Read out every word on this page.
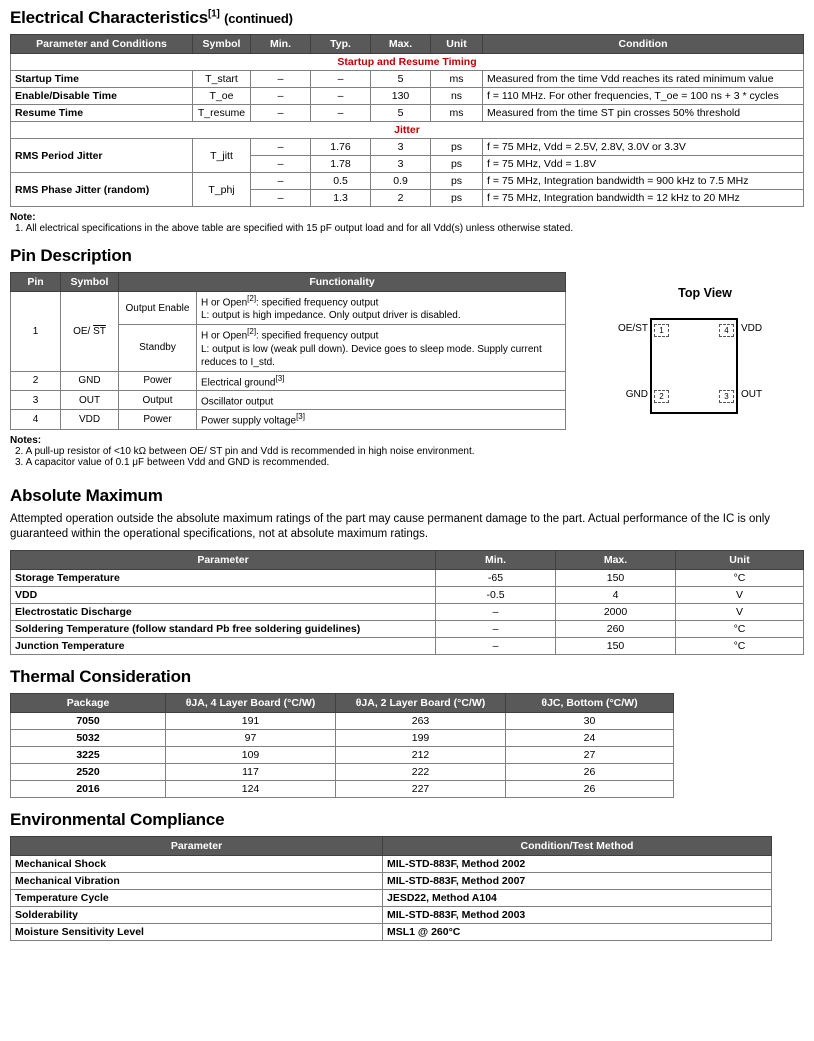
Electrical Characteristics[1] (continued)
Parameter and Conditions	Symbol	Min.	Typ.	Max.	Unit	Condition
Startup and Resume Timing						
Startup Time	T_start	–	–	5	ms	Measured from the time Vdd reaches its rated minimum value
Enable/Disable Time	T_oe	–	–	130	ns	f = 110 MHz. For other frequencies, T_oe = 100 ns + 3 * cycles
Resume Time	T_resume	–	–	5	ms	Measured from the time ST pin crosses 50% threshold
Jitter						
RMS Period Jitter	T_jitt	–	1.76	3	ps	f = 75 MHz, Vdd = 2.5V, 2.8V, 3.0V or 3.3V
		–	1.78	3	ps	f = 75 MHz, Vdd = 1.8V
RMS Phase Jitter (random)	T_phj	–	0.5	0.9	ps	f = 75 MHz, Integration bandwidth = 900 kHz to 7.5 MHz
		–	1.3	2	ps	f = 75 MHz, Integration bandwidth = 12 kHz to 20 MHz

Note:

1. All electrical specifications in the above table are specified with 15 pF output load and for all Vdd(s) unless otherwise stated.

Pin Description
Pin	Symbol	Functionality	
1	OE/ $\overline{ST}$	Output Enable	H or Open[2]: specified frequency output
L: output is high impedance. Only output driver is disabled.
		Standby	H or Open[2]: specified frequency output
L: output is low (weak pull down). Device goes to sleep mode. Supply current reduces to I_std.
2	GND	Power	Electrical ground[3]
3	OUT	Output	Oscillator output
4	VDD	Power	Power supply voltage[3]
Top View
1	4
2	3
OE/ST	VDD
GND	OUT

Notes:

2. A pull-up resistor of <10 kΩ between OE/ ST pin and Vdd is recommended in high noise environment.

3. A capacitor value of 0.1 μF between Vdd and GND is recommended.

Absolute Maximum

Attempted operation outside the absolute maximum ratings of the part may cause permanent damage to the part. Actual performance of the IC is only guaranteed within the operational specifications, not at absolute maximum ratings.

Parameter	Min.	Max.	Unit
Storage Temperature	-65	150	°C
VDD	-0.5	4	V
Electrostatic Discharge	–	2000	V
Soldering Temperature (follow standard Pb free soldering guidelines)	–	260	°C
Junction Temperature	–	150	°C
Thermal Consideration
Package	θJA, 4 Layer Board (°C/W)	θJA, 2 Layer Board (°C/W)	θJC, Bottom (°C/W)
7050	191	263	30
5032	97	199	24
3225	109	212	27
2520	117	222	26
2016	124	227	26
Environmental Compliance
Parameter	Condition/Test Method
Mechanical Shock	MIL-STD-883F, Method 2002
Mechanical Vibration	MIL-STD-883F, Method 2007
Temperature Cycle	JESD22, Method A104
Solderability	MIL-STD-883F, Method 2003
Moisture Sensitivity Level	MSL1 @ 260°C
